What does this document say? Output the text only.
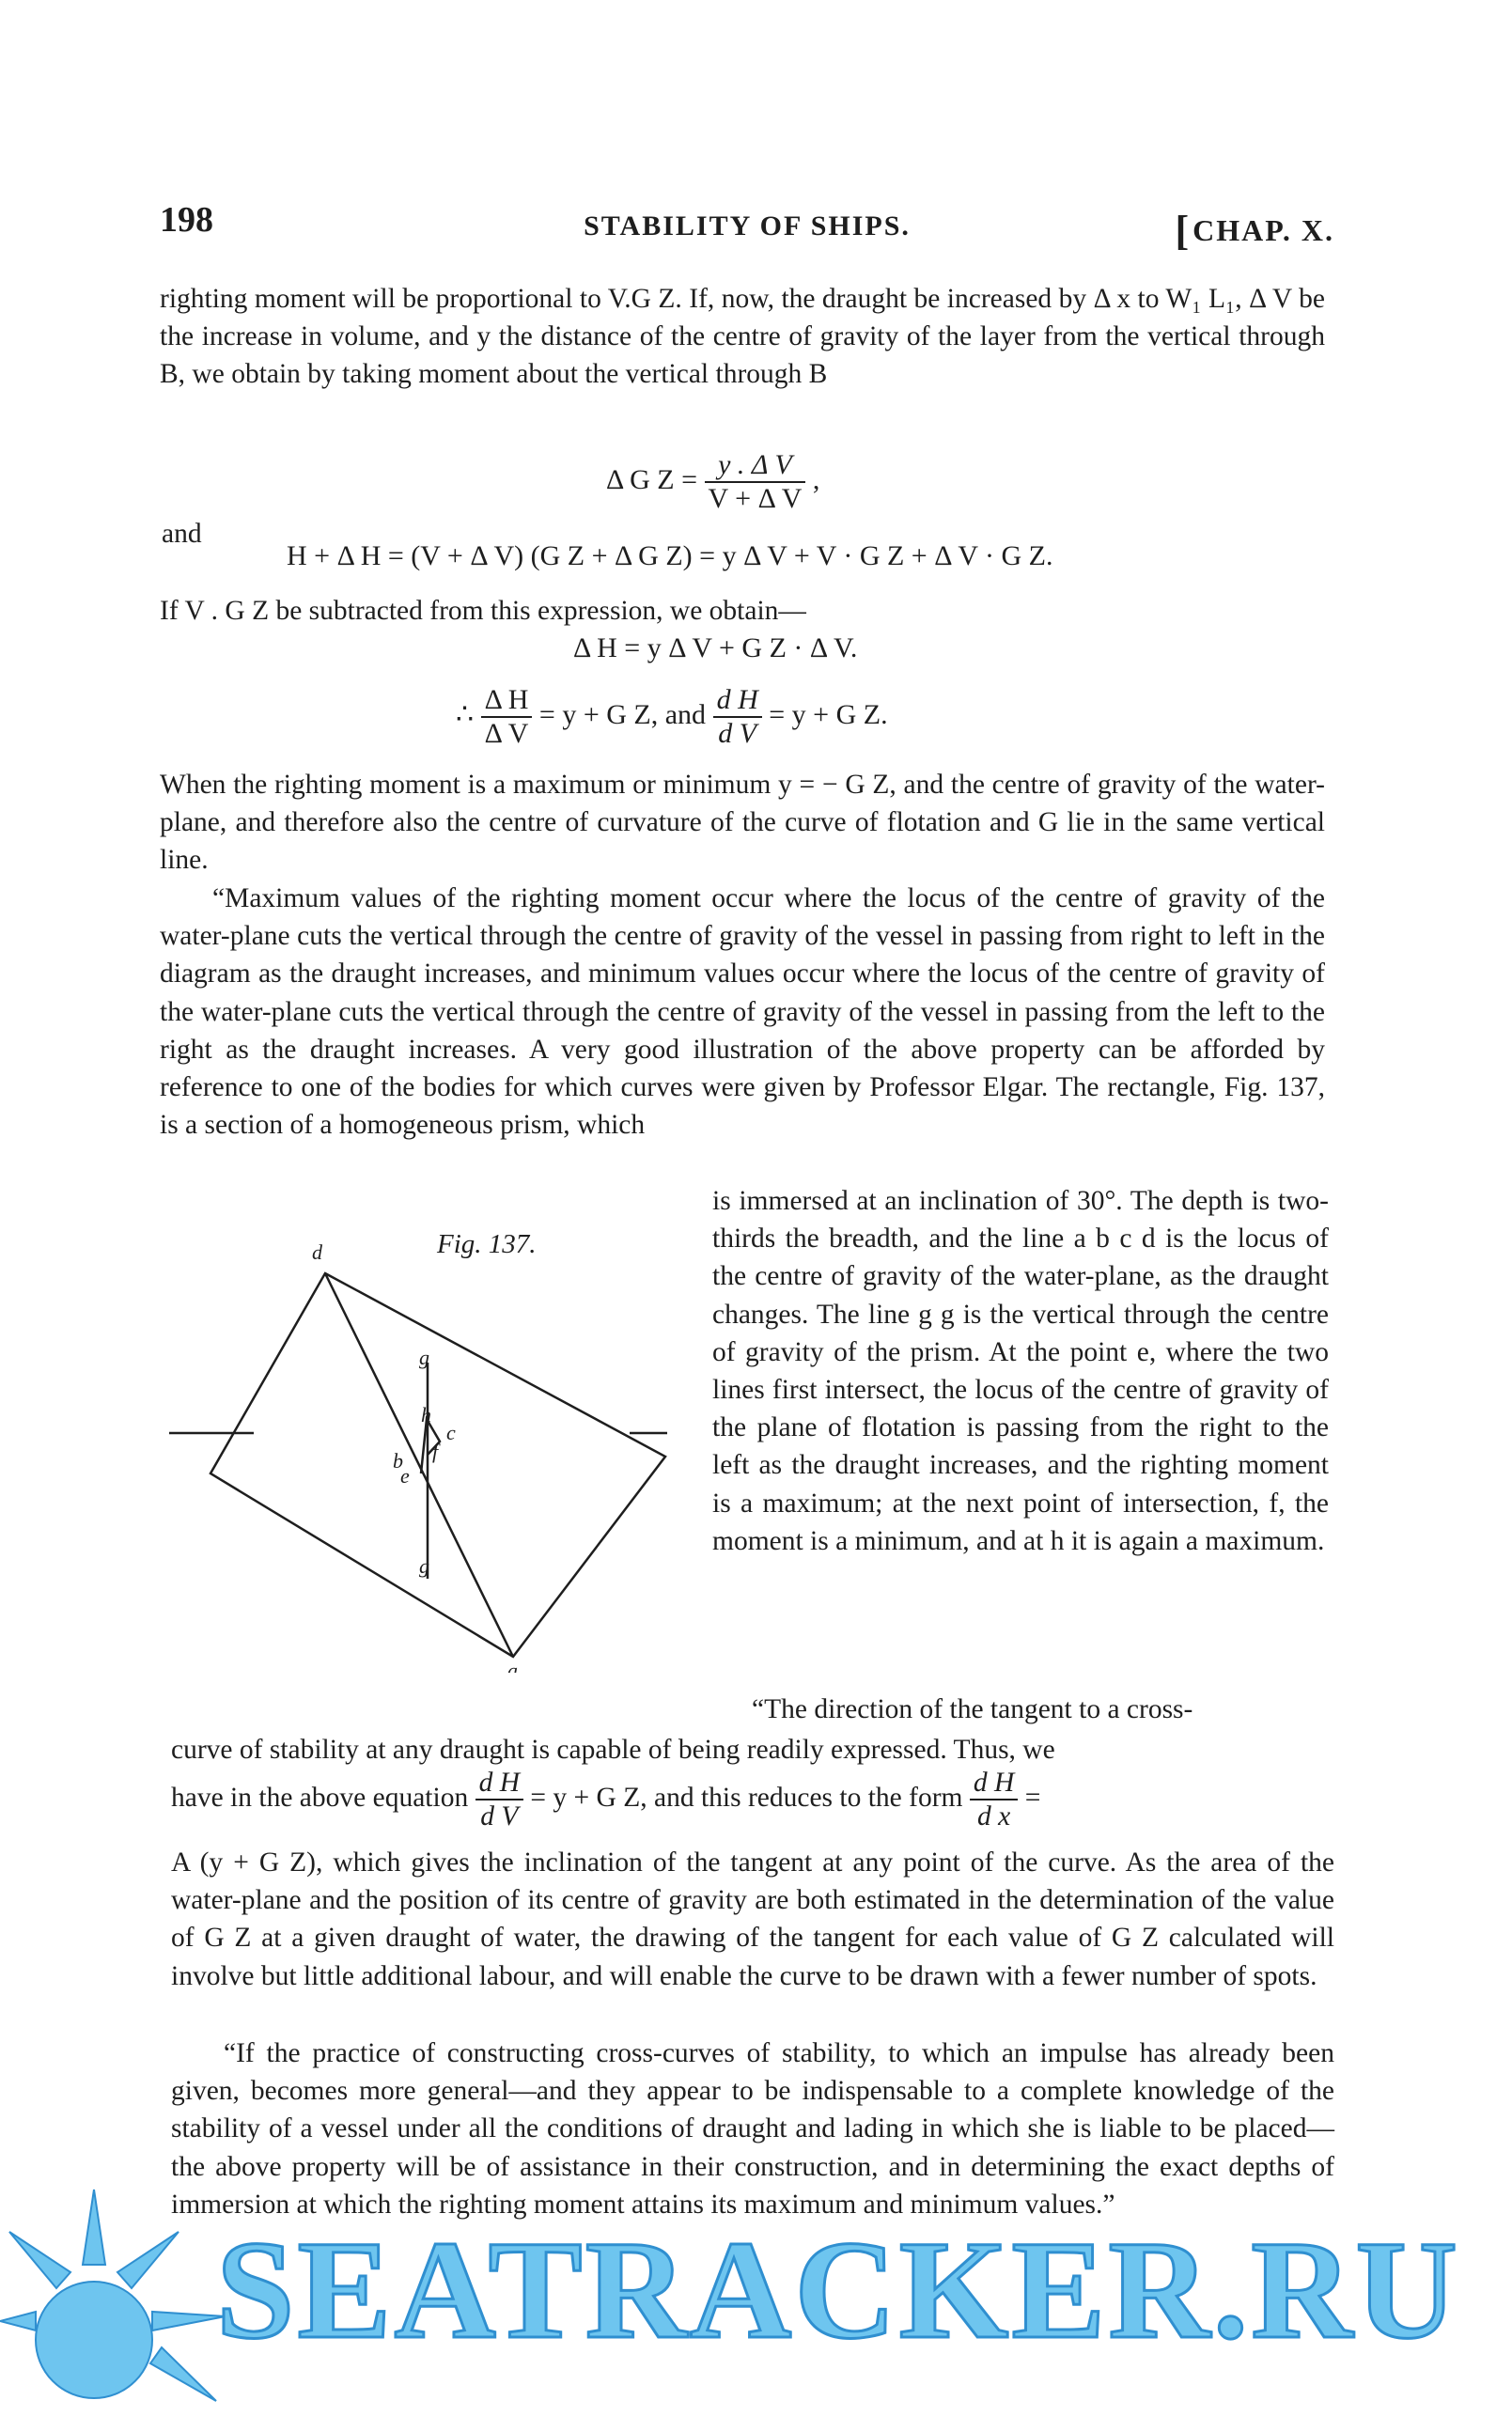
198	STABILITY OF SHIPS.	[ CHAP. X.

righting moment will be proportional to V.G Z. If, now, the draught be increased by Δ x to W₁ L₁, Δ V be the increase in volume, and y the distance of the centre of gravity of the layer from the vertical through B, we obtain by taking moment about the vertical through B

Δ G $Z = \frac{\text{y . Δ V}}{\text{V + Δ V}}$ ,
and
H + Δ H = (V + Δ V) (G Z + Δ G Z) = y Δ V + V · G Z + Δ V · G Z.

If V . G Z be subtracted from this expression, we obtain—

Δ H = y Δ V + G Z · Δ V.
∴ $\frac{\text{Δ H}}{\text{Δ V}} = y + G$ Z, and $\frac{\text{d H}}{\text{d V}} = y + G$ Z.

When the righting moment is a maximum or minimum y = − G Z, and the centre of gravity of the water-plane, and therefore also the centre of curvature of the curve of flotation and G lie in the same vertical line.

“Maximum values of the righting moment occur where the locus of the centre of gravity of the water-plane cuts the vertical through the centre of gravity of the vessel in passing from right to left in the diagram as the draught increases, and minimum values occur where the locus of the centre of gravity of the water-plane cuts the vertical through the centre of gravity of the vessel in passing from the left to the right as the draught increases. A very good illustration of the above property can be afforded by reference to one of the bodies for which curves were given by Professor Elgar. The rectangle, Fig. 137, is a section of a homogeneous prism, which

is immersed at an inclination of 30°. The depth is two-thirds the breadth, and the line a b c d is the locus of the centre of gravity of the water-plane, as the draught changes. The line g g is the vertical through the centre of gravity of the prism. At the point e, where the two lines first intersect, the locus of the centre of gravity of the plane of flotation is passing from the right to the left as the draught increases, and the righting moment is a maximum; at the next point of intersection, f, the moment is a minimum, and at h it is again a maximum.

Fig. 137.
d
g
h
c
b f
e
g
a

“The direction of the tangent to a cross-

curve of stability at any draught is capable of being readily expressed. Thus, we

have in the above equation $\frac{\text{d H}}{\text{d V}} = y + G$ Z, and this reduces to the form $\frac{\text{d H}}{\text{d x}}$ =

A (y + G Z), which gives the inclination of the tangent at any point of the curve. As the area of the water-plane and the position of its centre of gravity are both estimated in the determination of the value of G Z at a given draught of water, the drawing of the tangent for each value of G Z calculated will involve but little additional labour, and will enable the curve to be drawn with a fewer number of spots.

“If the practice of constructing cross-curves of stability, to which an impulse has already been given, becomes more general—and they appear to be indispensable to a complete knowledge of the stability of a vessel under all the conditions of draught and lading in which she is liable to be placed—the above property will be of assistance in their construction, and in determining the exact depths of immersion at which the righting moment attains its maximum and minimum values.”

SEATRACKER.RU
